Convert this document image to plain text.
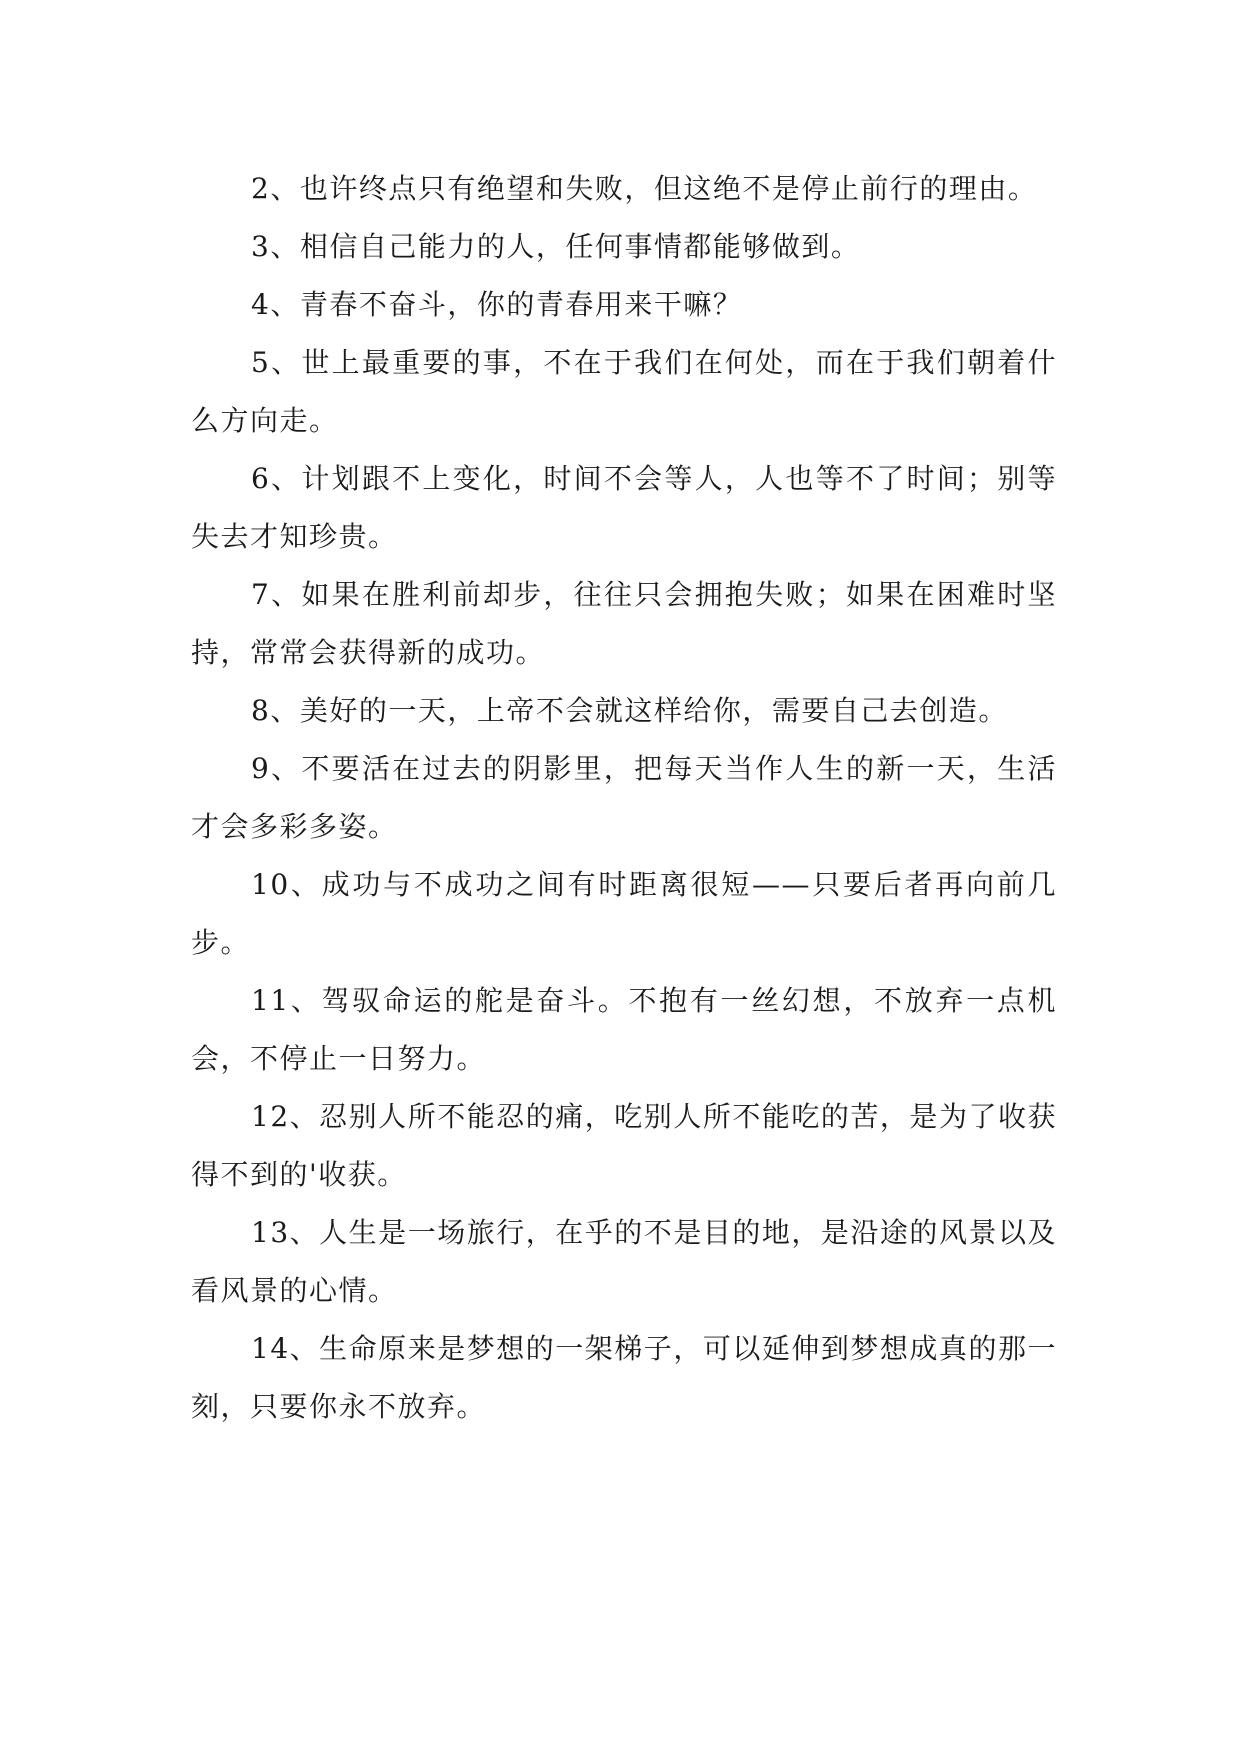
2、也许终点只有绝望和失败，但这绝不是停止前行的理由。

3、相信自己能力的人，任何事情都能够做到。

4、青春不奋斗，你的青春用来干嘛？

5、世上最重要的事，不在于我们在何处，而在于我们朝着什么方向走。

6、计划跟不上变化，时间不会等人，人也等不了时间；别等失去才知珍贵。

7、如果在胜利前却步，往往只会拥抱失败；如果在困难时坚持，常常会获得新的成功。

8、美好的一天，上帝不会就这样给你，需要自己去创造。

9、不要活在过去的阴影里，把每天当作人生的新一天，生活才会多彩多姿。

10、成功与不成功之间有时距离很短——只要后者再向前几步。

11、驾驭命运的舵是奋斗。不抱有一丝幻想，不放弃一点机会，不停止一日努力。

12、忍别人所不能忍的痛，吃别人所不能吃的苦，是为了收获得不到的'收获。

13、人生是一场旅行，在乎的不是目的地，是沿途的风景以及看风景的心情。

14、生命原来是梦想的一架梯子，可以延伸到梦想成真的那一刻，只要你永不放弃。
